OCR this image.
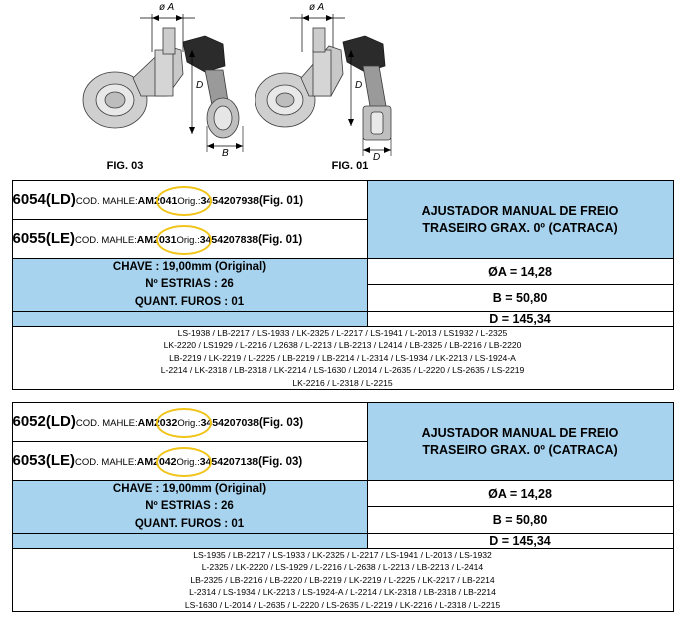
ø A
D
B
FIG. 03
ø A
D
D
FIG. 01
6054(LD)COD. MAHLE:AM2041Orig.:3454207938(Fig. 01)	AJUSTADOR MANUAL DE FREIO
TRASEIRO GRAX. 0º (CATRACA)

6055(LE)COD. MAHLE:AM2031Orig.:3454207838(Fig. 01)	

CHAVE : 19,00mm (Original)
Nº ESTRIAS : 26
QUANT. FUROS : 01	ØA = 14,28
	B = 50,80
	D = 145,34

LS-1938 / LB-2217 / LS-1933 / LK-2325 / L-2217 / LS-1941 / L-2013 / LS1932 / L-2325
LK-2220 / LS1929 / L-2216 / L2638 / L-2213 / LB-2213 / L2414 / LB-2325 / LB-2216 / LB-2220
LB-2219 / LK-2219 / L-2225 / LB-2219 / LB-2214 / L-2314 / LS-1934 / LK-2213 / LS-1924-A
L-2214 / LK-2318 / LB-2318 / LK-2214 / LS-1630 / L2014 / L-2635 / L-2220 / LS-2635 / LS-2219
LK-2216 / L-2318 / L-2215	
6052(LD)COD. MAHLE:AM2032Orig.:3454207038(Fig. 03)	AJUSTADOR MANUAL DE FREIO
TRASEIRO GRAX. 0º (CATRACA)

6053(LE)COD. MAHLE:AM2042Orig.:3454207138(Fig. 03)	

CHAVE : 19,00mm (Original)
Nº ESTRIAS : 26
QUANT. FUROS : 01	ØA = 14,28
	B = 50,80
	D = 145,34

LS-1935 / LB-2217 / LS-1933 / LK-2325 / L-2217 / LS-1941 / L-2013 / LS-1932
L-2325 / LK-2220 / LS-1929 / L-2216 / L-2638 / L-2213 / LB-2213 / L-2414
LB-2325 / LB-2216 / LB-2220 / LB-2219 / LK-2219 / L-2225 / LK-2217 / LB-2214
L-2314 / LS-1934 / LK-2213 / LS-1924-A / L-2214 / LK-2318 / LB-2318 / LB-2214
LS-1630 / L-2014 / L-2635 / L-2220 / LS-2635 / L-2219 / LK-2216 / L-2318 / L-2215	
